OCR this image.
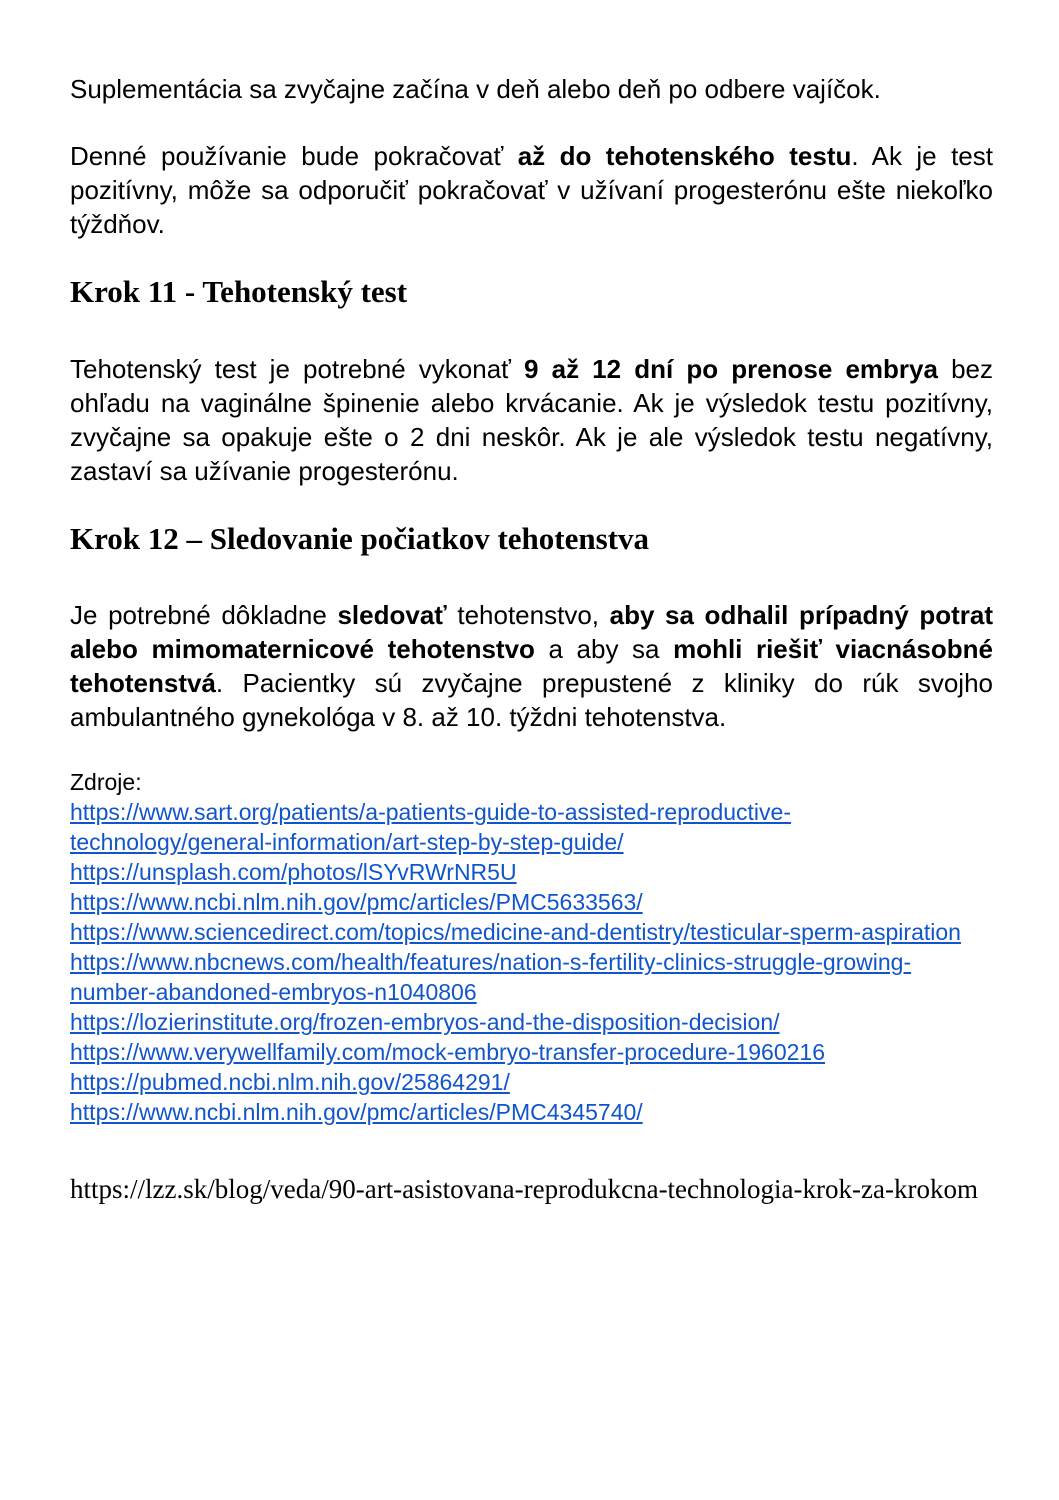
Suplementácia sa zvyčajne začína v deň alebo deň po odbere vajíčok.

Denné používanie bude pokračovať až do tehotenského testu. Ak je test pozitívny, môže sa odporučiť pokračovať v užívaní progesterónu ešte niekoľko týždňov.

Krok 11 - Tehotenský test

Tehotenský test je potrebné vykonať 9 až 12 dní po prenose embrya bez ohľadu na vaginálne špinenie alebo krvácanie. Ak je výsledok testu pozitívny, zvyčajne sa opakuje ešte o 2 dni neskôr. Ak je ale výsledok testu negatívny, zastaví sa užívanie progesterónu.

Krok 12 – Sledovanie počiatkov tehotenstva

Je potrebné dôkladne sledovať tehotenstvo, aby sa odhalil prípadný potrat alebo mimomaternicové tehotenstvo a aby sa mohli riešiť viacnásobné tehotenstvá. Pacientky sú zvyčajne prepustené z kliniky do rúk svojho ambulantného gynekológa v 8. až 10. týždni tehotenstva.

Zdroje:

https://www.sart.org/patients/a-patients-guide-to-assisted-reproductive-technology/general-information/art-step-by-step-guide/
https://unsplash.com/photos/lSYvRWrNR5U
https://www.ncbi.nlm.nih.gov/pmc/articles/PMC5633563/
https://www.sciencedirect.com/topics/medicine-and-dentistry/testicular-sperm-aspiration
https://www.nbcnews.com/health/features/nation-s-fertility-clinics-struggle-growing-number-abandoned-embryos-n1040806
https://lozierinstitute.org/frozen-embryos-and-the-disposition-decision/
https://www.verywellfamily.com/mock-embryo-transfer-procedure-1960216
https://pubmed.ncbi.nlm.nih.gov/25864291/
https://www.ncbi.nlm.nih.gov/pmc/articles/PMC4345740/

https://lzz.sk/blog/veda/90-art-asistovana-reprodukcna-technologia-krok-za-krokom
